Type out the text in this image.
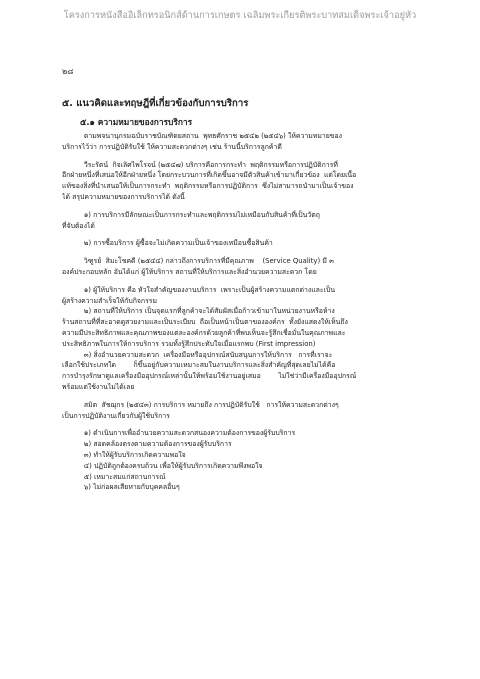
โครงการหนังสืออิเล็กทรอนิกส์ด้านการเกษตร เฉลิมพระเกียรติพระบาทสมเด็จพระเจ้าอยู่หัว
๒๘
๕. แนวคิดและทฤษฎีที่เกี่ยวข้องกับการบริการ
๕.๑ ความหมายของการบริการ
ตามพจนานุกรมฉบับราชบัณฑิตยสถาน  พุทธศักราช ๒๕๔๒ (๒๕๔๖) ให้ความหมายของ
บริการไว้ว่า การปฏิบัติรับใช้ ให้ความสะดวกต่างๆ เช่น ร้านนี้บริการลูกค้าดี
วีระรัตน์  กิจเลิศไพโรจน์ (๒๕๔๗) บริการคือการกระทำ  พฤติกรรมหรือการปฏิบัติการที่
อีกฝ่ายหนึ่งที่เสนอให้อีกฝ่ายหนึ่ง โดยกระบวนการที่เกิดขึ้นอาจมีตัวสินค้าเข้ามาเกี่ยวข้อง  แต่โดยเนื้อ
แท้ของสิ่งที่นำเสนอให้เป็นการกระทำ  พฤติกรรมหรือการปฏิบัติการ  ซึ่งไม่สามารถนำมาเป็นเจ้าของ
ได้ สรุปความหมายของการบริการได้ ดังนี้
๑) การบริการมีลักษณะเป็นการกระทำและพฤติกรรมไม่เหมือนกับสินค้าที่เป็นวัตถุ
ที่จับต้องได้
๒) การซื้อบริการ ผู้ซื้อจะไม่เกิดความเป็นเจ้าของเหมือนซื้อสินค้า
วิฑูรย์  สิมะโชคดี (๒๕๔๔) กล่าวถึงการบริการที่มีคุณภาพ    (Service Quality) มี ๓
องค์ประกอบหลัก อันได้แก่ ผู้ให้บริการ สถานที่ให้บริการและสิ่งอำนวยความสะดวก โดย
๑) ผู้ให้บริการ คือ หัวใจสำคัญของงานบริการ  เพราะเป็นผู้สร้างความแตกต่างและเป็น
ผู้สร้างความสำเร็จให้กับกิจกรรม
๒) สถานที่ให้บริการ เป็นจุดแรกที่ลูกค้าจะได้สัมผัสเมื่อก้าวเข้ามาในหน่วยงานหรือห้าง
ร้านสถานที่ที่สะอาดดูสวยงามและเป็นระเบียบ  ถือเป็นหน้าเป็นตาขององค์กร  ทั้งยังแสดงให้เห็นถึง
ความมีประสิทธิภาพและคุณภาพของแต่ละองค์กรด้วยลูกค้าที่พบเห็นจะรู้สึกเชื่อมั่นในคุณภาพและ
ประสิทธิภาพในการให้การบริการ รวมทั้งรู้สึกประทับใจเมื่อแรกพบ (First impression)
๓) สิ่งอำนวยความสะดวก  เครื่องมือหรืออุปกรณ์สนับสนุนการให้บริการ   การที่เราจะ
เลือกใช้ประเภทใด        ก็ขึ้นอยู่กับความเหมาะสมในงานบริการและสิ่งสำคัญที่สุดเลยไม่ได้คือ
การบำรุงรักษาดูแลเครื่องมืออุปกรณ์เหล่านั้นให้พร้อมใช้งานอยู่เสมอ        ไม่ใช่ว่ามีเครื่องมืออุปกรณ์
พร้อมแต่ใช้งานไม่ได้เลย
สมิต  สัชฌุกร (๒๕๔๓) การบริการ หมายถึง การปฏิบัติรับใช้   การให้ความสะดวกต่างๆ
เป็นการปฏิบัติงานเกี่ยวกับผู้ใช้บริการ
๑) ดำเนินการเพื่ออำนวยความสะดวกสนองความต้องการของผู้รับบริการ
๒) สอดคล้องตรงตามความต้องการของผู้รับบริการ
๓) ทำให้ผู้รับบริการเกิดความพอใจ
๔) ปฏิบัติถูกต้องครบถ้วน เพื่อให้ผู้รับบริการเกิดความพึงพอใจ
๕) เหมาะสมแก่สถานการณ์
๖) ไม่ก่อผลเสียหายกับบุคคลอื่นๆ
